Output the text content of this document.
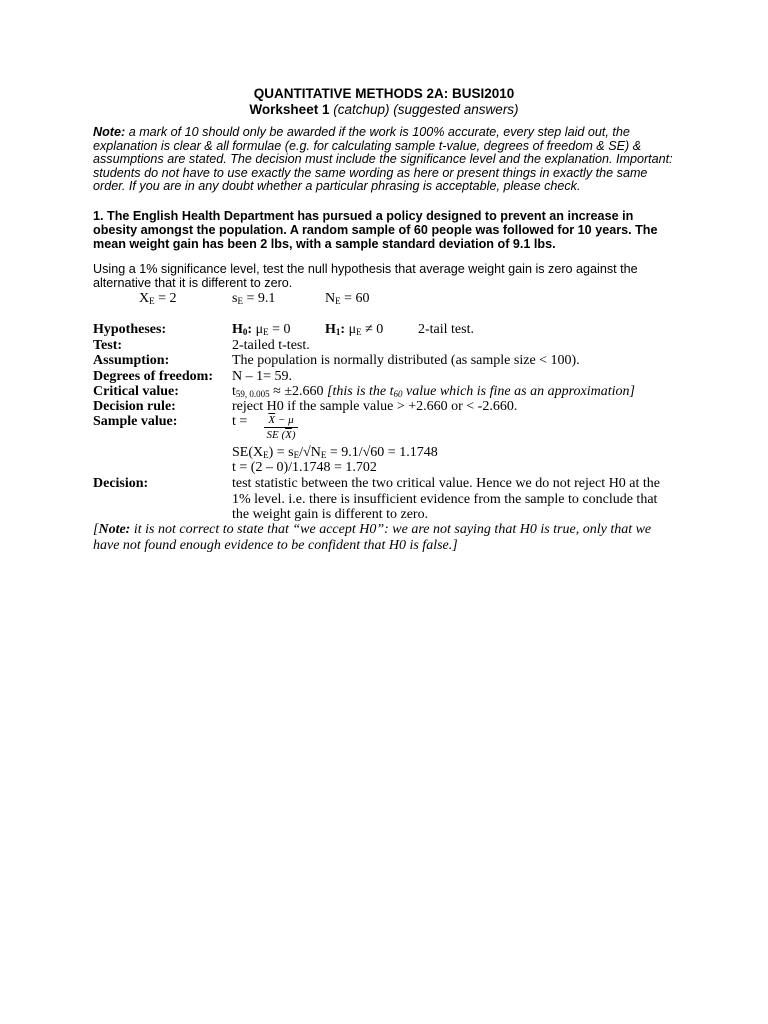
QUANTITATIVE METHODS 2A: BUSI2010
Worksheet 1 (catchup) (suggested answers)
Note: a mark of 10 should only be awarded if the work is 100% accurate, every step laid out, the explanation is clear & all formulae (e.g. for calculating sample t-value, degrees of freedom & SE) & assumptions are stated. The decision must include the significance level and the explanation. Important: students do not have to use exactly the same wording as here or present things in exactly the same order. If you are in any doubt whether a particular phrasing is acceptable, please check.
1. The English Health Department has pursued a policy designed to prevent an increase in obesity amongst the population. A random sample of 60 people was followed for 10 years. The mean weight gain has been 2 lbs, with a sample standard deviation of 9.1 lbs.
Using a 1% significance level, test the null hypothesis that average weight gain is zero against the alternative that it is different to zero.
$X_E = 2$	$s_E = 9.1$	$N_E = 60$
Hypotheses:	$H_0$: $\mu_E = 0$ $H_1$: $\mu_E \ne 0$ 2-tail test.
Test:	2-tailed t-test.
Assumption:	The population is normally distributed (as sample size < 100).
Degrees of freedom: N – 1= 59.
Critical value:	$t_{59, 0.005} \approx \pm 2.660$ [this is the $t_{60}$ value which is fine as an approximation]
Decision rule:	reject H0 if the sample value > +2.660 or < -2.660.
Sample value:	$t = \frac{\overline{X} - \mu}{SE (\overline{X})}$
$SE(X_E) = s_E/√N_E = 9.1/√60 = 1.1748$
t = (2 – 0)/1.1748 = 1.702
Decision:	test statistic between the two critical value. Hence we do not reject H0 at the 1% level. i.e. there is insufficient evidence from the sample to conclude that the weight gain is different to zero.
[Note: it is not correct to state that “we accept H0”: we are not saying that H0 is true, only that we have not found enough evidence to be confident that H0 is false.]
